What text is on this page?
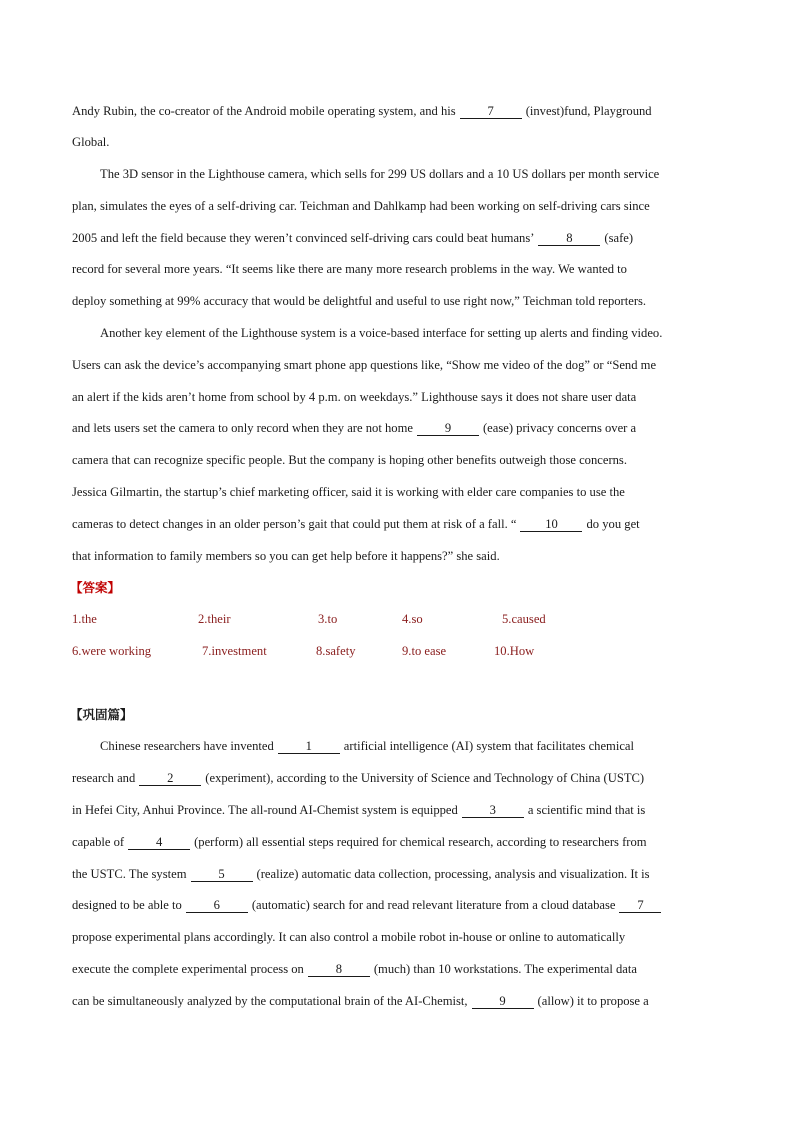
Andy Rubin, the co-creator of the Android mobile operating system, and his	7	(invest)fund, Playground
Global.
The 3D sensor in the Lighthouse camera, which sells for 299 US dollars and a 10 US dollars per month service
plan, simulates the eyes of a self-driving car. Teichman and Dahlkamp had been working on self-driving cars since
2005 and left the field because they weren’t convinced self-driving cars could beat humans’	8	(safe)
record for several more years. “It seems like there are many more research problems in the way. We wanted to
deploy something at 99% accuracy that would be delightful and useful to use right now,” Teichman told reporters.
Another key element of the Lighthouse system is a voice-based interface for setting up alerts and finding video.
Users can ask the device’s accompanying smart phone app questions like, “Show me video of the dog” or “Send me
an alert if the kids aren’t home from school by 4 p.m. on weekdays.” Lighthouse says it does not share user data
and lets users set the camera to only record when they are not home	9	(ease) privacy concerns over a
camera that can recognize specific people. But the company is hoping other benefits outweigh those concerns.
Jessica Gilmartin, the startup’s chief marketing officer, said it is working with elder care companies to use the
cameras to detect changes in an older person’s gait that could put them at risk of a fall. “ 10 do you get
that information to family members so you can get help before it happens?” she said.
【答案】
1.the	2.their	3.to	4.so	5.caused
6.were working	7.investment	8.safety	9.to ease	10.How
【巩固篇】
Chinese researchers have invented	1	artificial intelligence (AI) system that facilitates chemical
research and	2	(experiment), according to the University of Science and Technology of China (USTC)
in Hefei City, Anhui Province. The all-round AI-Chemist system is equipped	3	a scientific mind that is
capable of	4	(perform) all essential steps required for chemical research, according to researchers from
the USTC. The system	5	(realize) automatic data collection, processing, analysis and visualization. It is
designed to be able to	6	(automatic) search for and read relevant literature from a cloud database 7
propose experimental plans accordingly. It can also control a mobile robot in-house or online to automatically
execute the complete experimental process on	8	(much) than 10 workstations. The experimental data
can be simultaneously analyzed by the computational brain of the AI-Chemist,	9	(allow) it to propose a
